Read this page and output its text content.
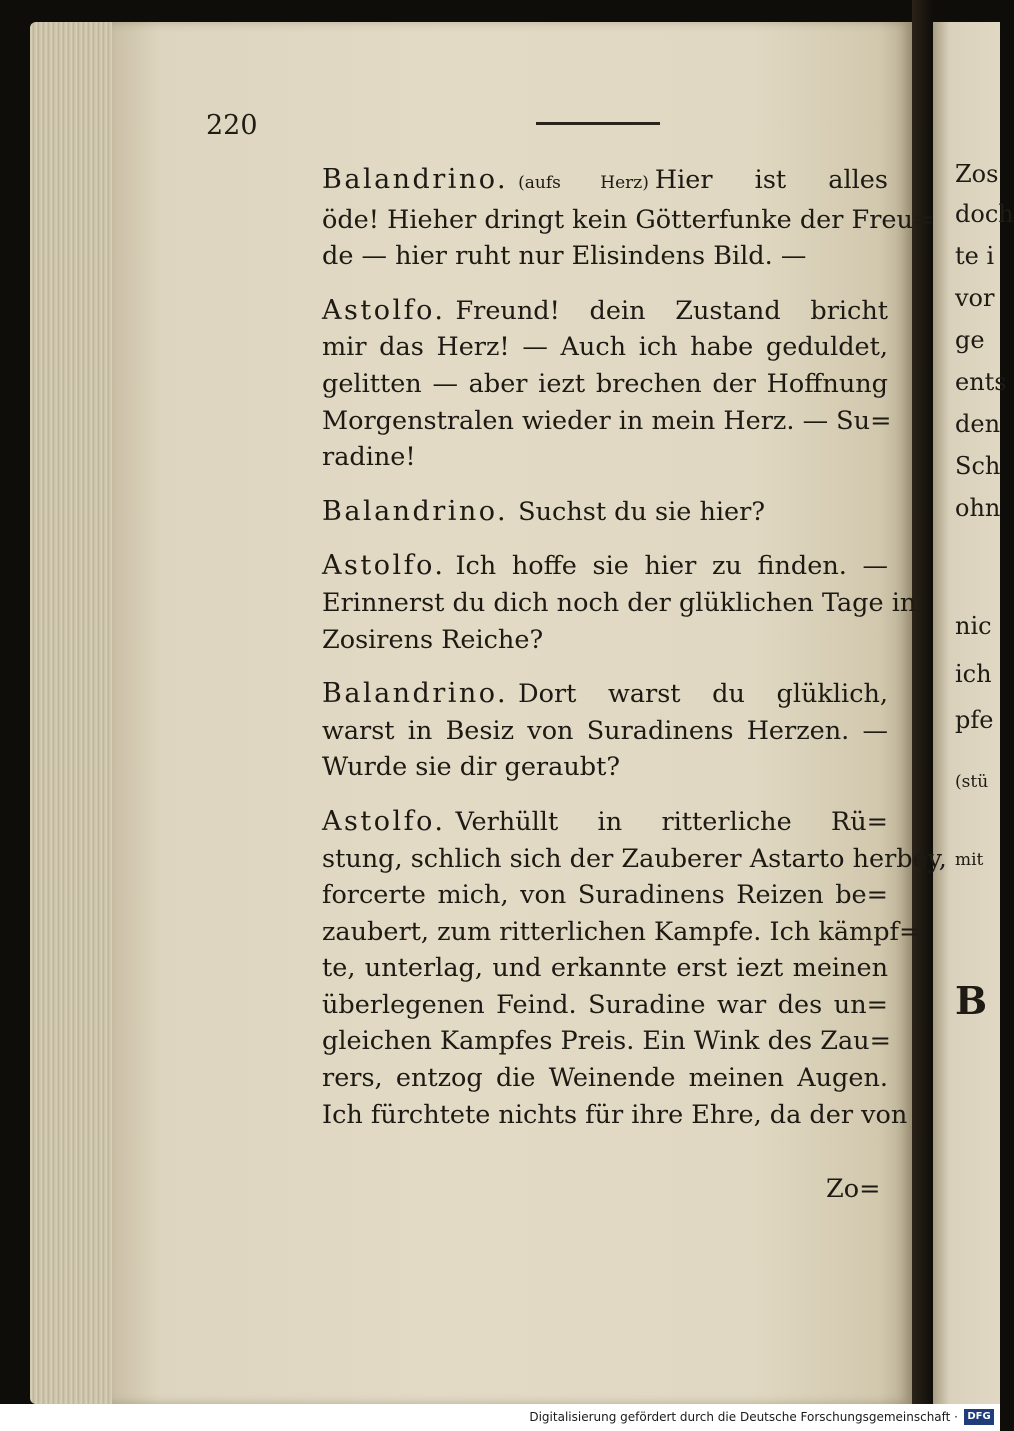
Zos
doch
te i
vor
ge
ents
den
Sch
ohn
nic
ich
pfe
(stü
mit
B
220
Balandrino. (aufs Herz) Hier ist alles
öde! Hieher dringt kein Götterfunke der Freu=
de — hier ruht nur Elisindens Bild. —
Astolfo. Freund! dein Zustand bricht
mir das Herz! — Auch ich habe geduldet,
gelitten — aber iezt brechen der Hoffnung
Morgenstralen wieder in mein Herz. — Su=
radine!
Balandrino. Suchst du sie hier?
Astolfo. Ich hoffe sie hier zu finden. —
Erinnerst du dich noch der glüklichen Tage in
Zosirens Reiche?
Balandrino. Dort warst du glüklich,
warst in Besiz von Suradinens Herzen. —
Wurde sie dir geraubt?
Astolfo. Verhüllt in ritterliche Rü=
stung, schlich sich der Zauberer Astarto herbey,
forcerte mich, von Suradinens Reizen be=
zaubert, zum ritterlichen Kampfe. Ich kämpf=
te, unterlag, und erkannte erst iezt meinen
überlegenen Feind. Suradine war des un=
gleichen Kampfes Preis. Ein Wink des Zau=
rers, entzog die Weinende meinen Augen.
Ich fürchtete nichts für ihre Ehre, da der von
Zo=
Digitalisierung gefördert durch die Deutsche Forschungsgemeinschaft · DFG
